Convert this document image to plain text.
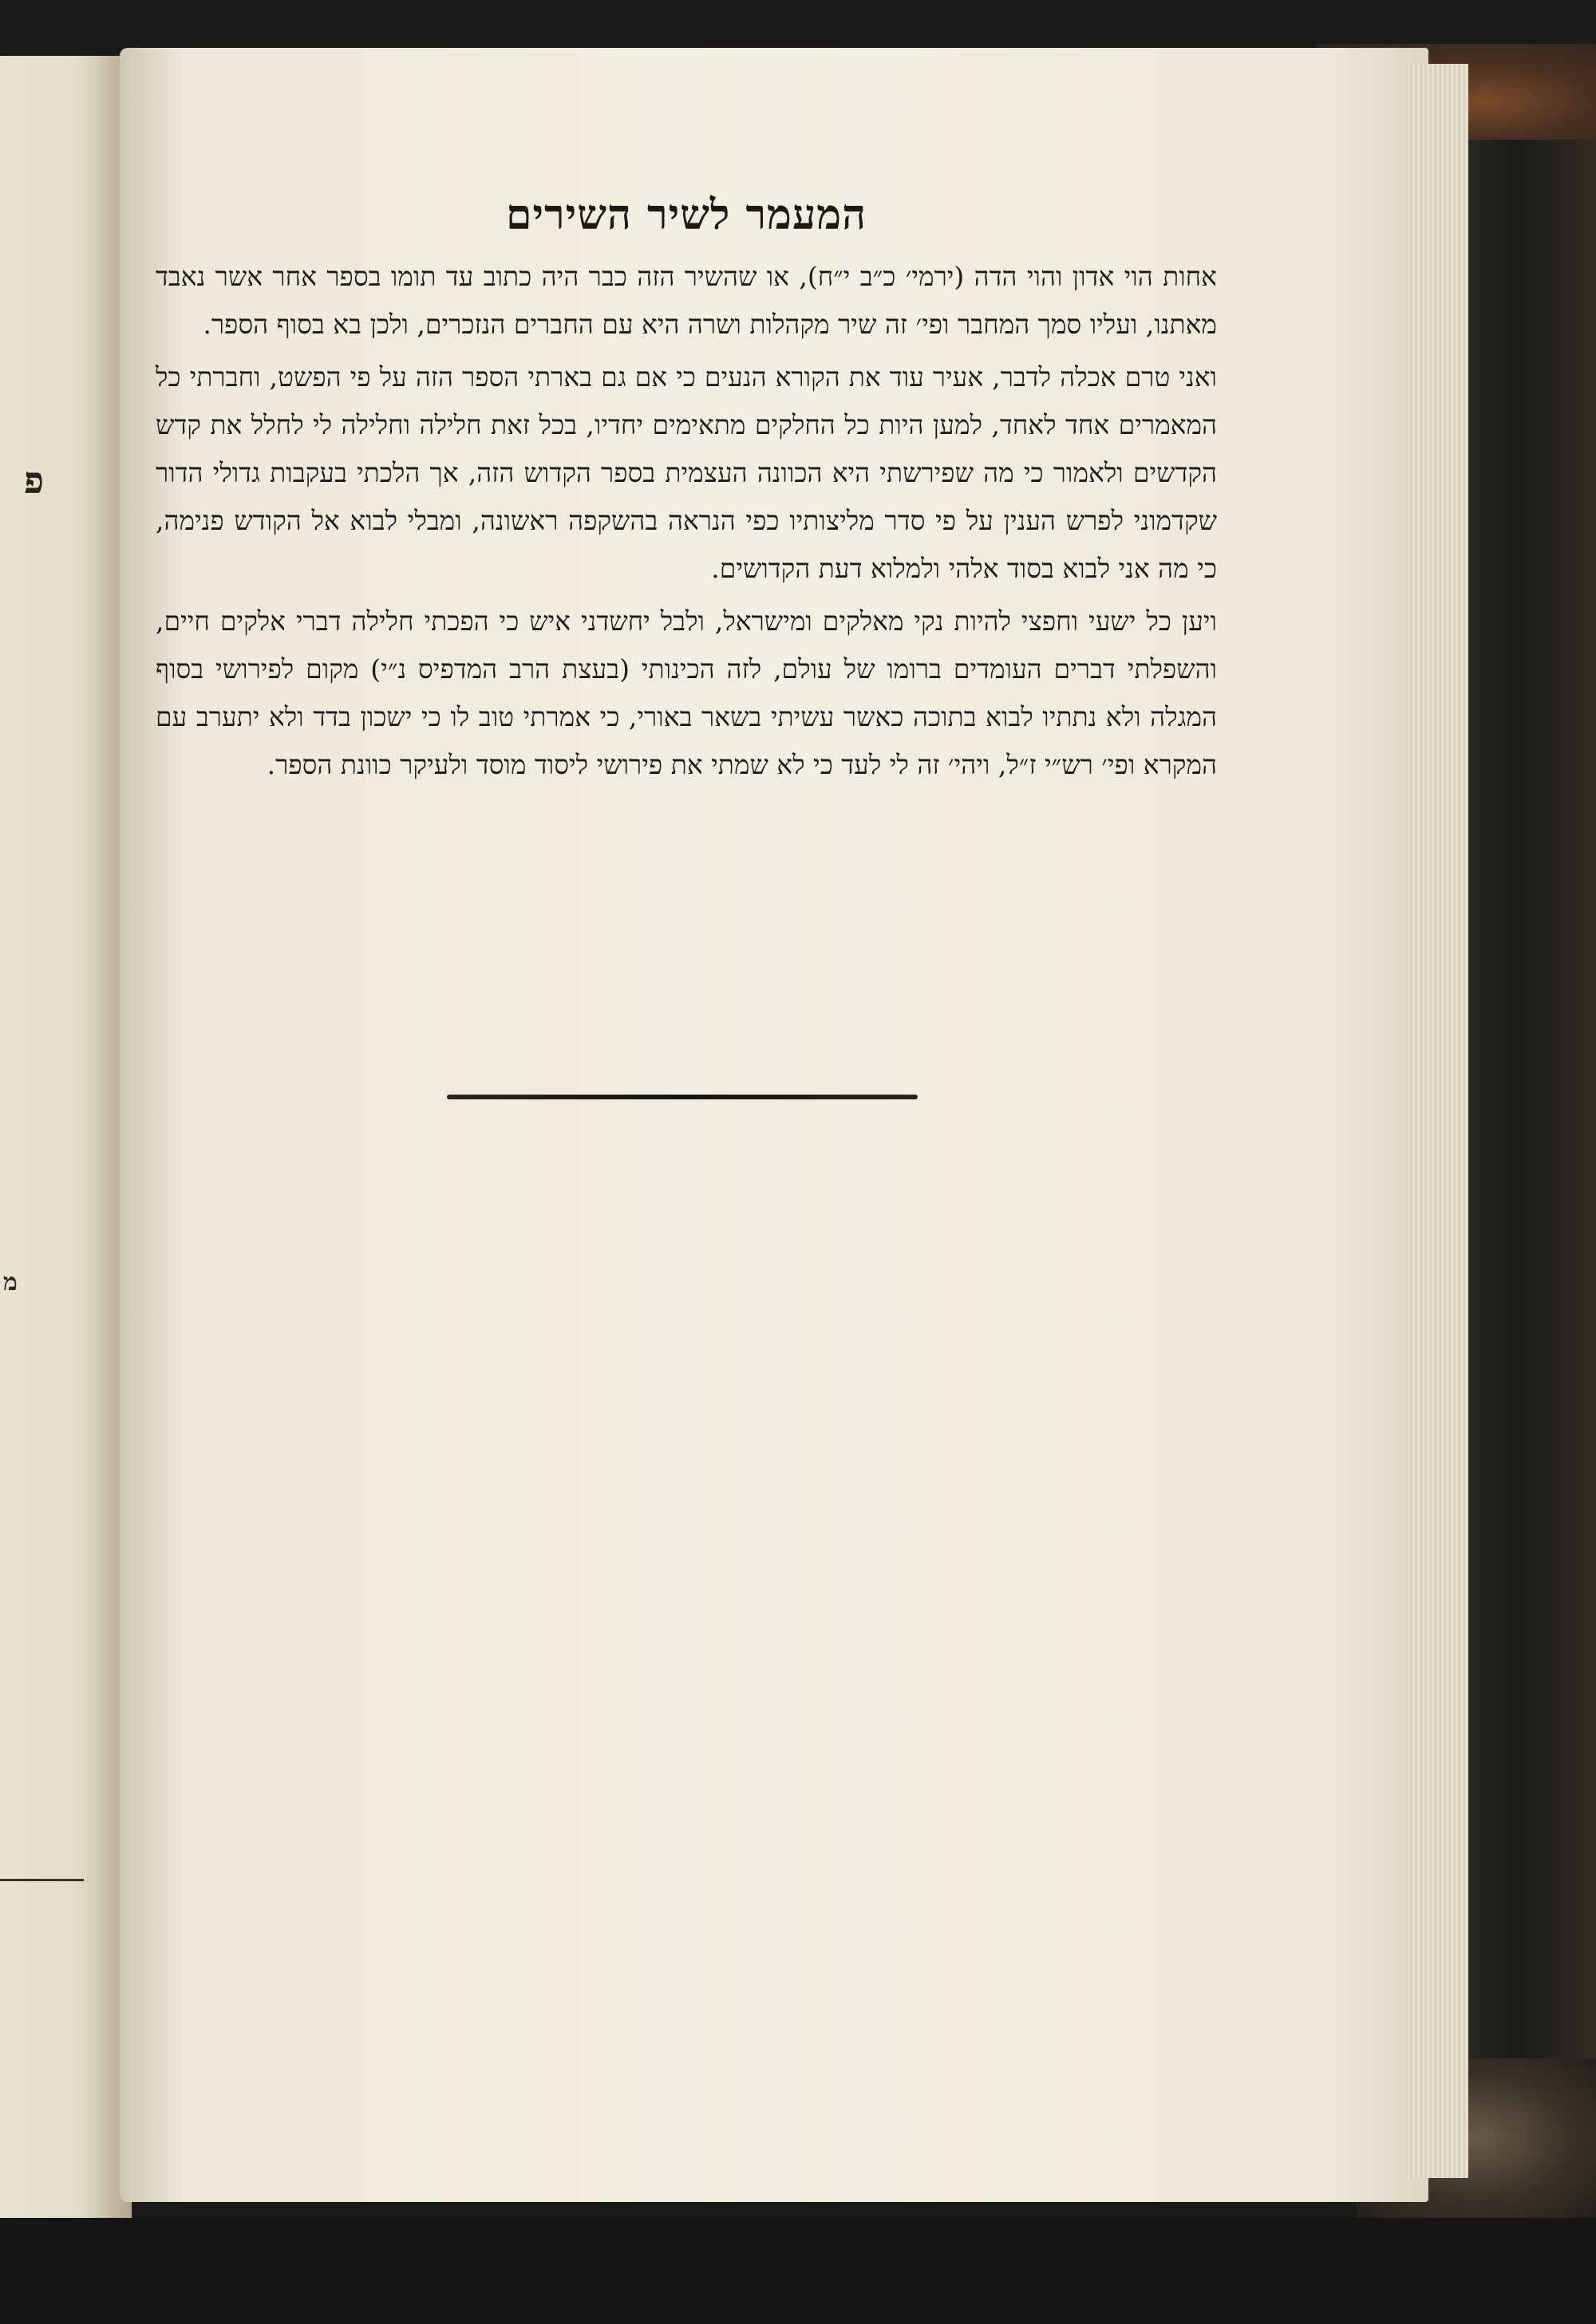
פ
מ
המעמר לשיר השירים

אחות הוי אדון והוי הדה (ירמי׳ כ״ב י״ח), או שהשיר הזה כבר היה כתוב עד תומו בספר אחר אשר נאבד מאתנו, ועליו סמך המחבר ופי׳ זה שיר מקהלות ושרה היא עם החברים הנזכרים, ולכן בא בסוף הספר.

ואני טרם אכלה לדבר, אעיר עוד את הקורא הנעים כי אם גם בארתי הספר הזה על פי הפשט, וחברתי כל המאמרים אחד לאחד, למען היות כל החלקים מתאימים יחדיו, בכל זאת חלילה וחלילה לי לחלל את קדש הקדשים ולאמור כי מה שפירשתי היא הכוונה העצמית בספר הקדוש הזה, אך הלכתי בעקבות גדולי הדור שקדמוני לפרש הענין על פי סדר מליצותיו כפי הנראה בהשקפה ראשונה, ומבלי לבוא אל הקודש פנימה, כי מה אני לבוא בסוד אלהי ולמלוא דעת הקדושים.

ויען כל ישעי וחפצי להיות נקי מאלקים ומישראל, ולבל יחשדני איש כי הפכתי חלילה דברי אלקים חיים, והשפלתי דברים העומדים ברומו של עולם, לזה הכינותי (בעצת הרב המדפיס נ״י) מקום לפירושי בסוף המגלה ולא נתתיו לבוא בתוכה כאשר עשיתי בשאר באורי, כי אמרתי טוב לו כי ישכון בדד ולא יתערב עם המקרא ופי׳ רש״י ז״ל, ויהי׳ זה לי לעד כי לא שמתי את פירושי ליסוד מוסד ולעיקר כוונת הספר.
